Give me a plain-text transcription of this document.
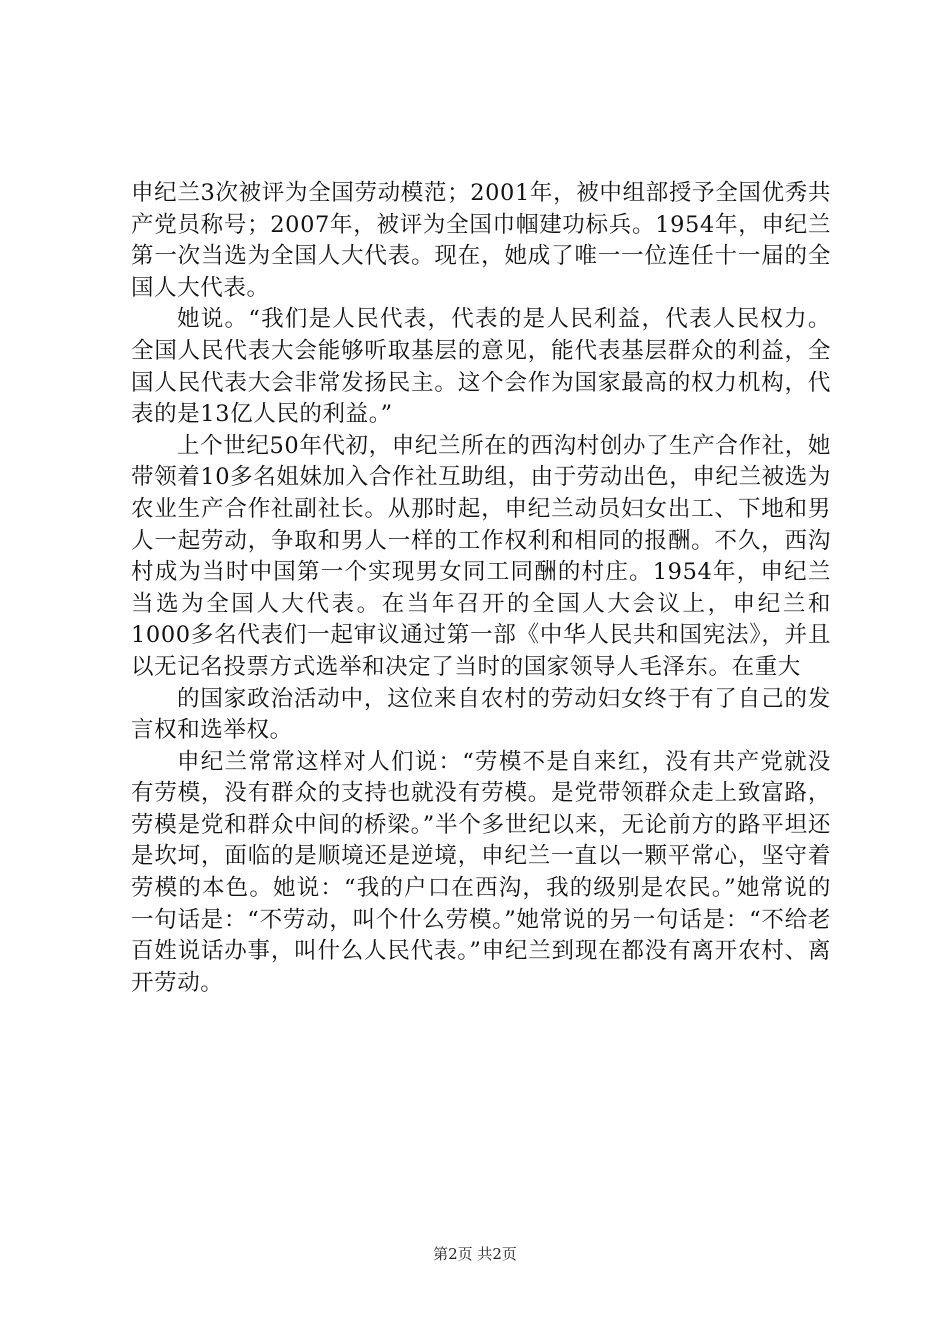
申纪兰3次被评为全国劳动模范；2001年，被中组部授予全国优秀共产党员称号；2007年，被评为全国巾帼建功标兵。1954年，申纪兰第一次当选为全国人大代表。现在，她成了唯一一位连任十一届的全国人大代表。

她说。“我们是人民代表，代表的是人民利益，代表人民权力。全国人民代表大会能够听取基层的意见，能代表基层群众的利益，全国人民代表大会非常发扬民主。这个会作为国家最高的权力机构，代表的是13亿人民的利益。”

上个世纪50年代初，申纪兰所在的西沟村创办了生产合作社，她带领着10多名姐妹加入合作社互助组，由于劳动出色，申纪兰被选为农业生产合作社副社长。从那时起，申纪兰动员妇女出工、下地和男人一起劳动，争取和男人一样的工作权利和相同的报酬。不久，西沟村成为当时中国第一个实现男女同工同酬的村庄。1954年，申纪兰当选为全国人大代表。在当年召开的全国人大会议上，申纪兰和1000多名代表们一起审议通过第一部《中华人民共和国宪法》，并且以无记名投票方式选举和决定了当时的国家领导人毛泽东。在重大

的国家政治活动中，这位来自农村的劳动妇女终于有了自己的发言权和选举权。

申纪兰常常这样对人们说：“劳模不是自来红，没有共产党就没有劳模，没有群众的支持也就没有劳模。是党带领群众走上致富路，劳模是党和群众中间的桥梁。”半个多世纪以来，无论前方的路平坦还是坎坷，面临的是顺境还是逆境，申纪兰一直以一颗平常心，坚守着劳模的本色。她说：“我的户口在西沟，我的级别是农民。”她常说的一句话是：“不劳动，叫个什么劳模。”她常说的另一句话是：“不给老百姓说话办事，叫什么人民代表。”申纪兰到现在都没有离开农村、离开劳动。

第2页 共2页
